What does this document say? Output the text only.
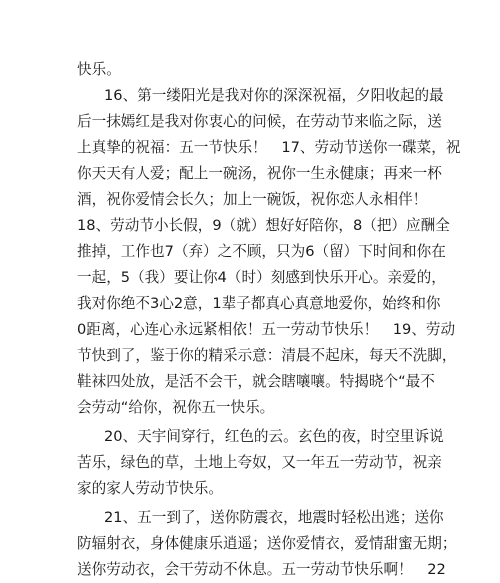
快乐。
16、第一缕阳光是我对你的深深祝福，夕阳收起的最
后一抹嫣红是我对你衷心的问候，在劳动节来临之际，送
上真挚的祝福：五一节快乐！　17、劳动节送你一碟菜，祝
你天天有人爱；配上一碗汤，祝你一生永健康；再来一杯
酒，祝你爱情会长久；加上一碗饭，祝你恋人永相伴！
18、劳动节小长假，9（就）想好好陪你，8（把）应酬全
推掉，工作也7（弃）之不顾，只为6（留）下时间和你在
一起，5（我）要让你4（时）刻感到快乐开心。亲爱的，
我对你绝不3心2意，1辈子都真心真意地爱你，始终和你
0距离，心连心永远紧相依！五一劳动节快乐！　19、劳动
节快到了，鉴于你的精采示意：清晨不起床，每天不洗脚，
鞋袜四处放，是活不会干，就会瞎嚷嚷。特揭晓个“最不
会劳动“给你，祝你五一快乐。
20、天宇间穿行，红色的云。玄色的夜，时空里诉说
苦乐，绿色的草，土地上夸奴，又一年五一劳动节，祝亲
家的家人劳动节快乐。
21、五一到了，送你防震衣，地震时轻松出逃；送你
防辐射衣，身体健康乐逍遥；送你爱情衣，爱情甜蜜无期；
送你劳动衣，会干劳动不休息。五一劳动节快乐啊！　22
